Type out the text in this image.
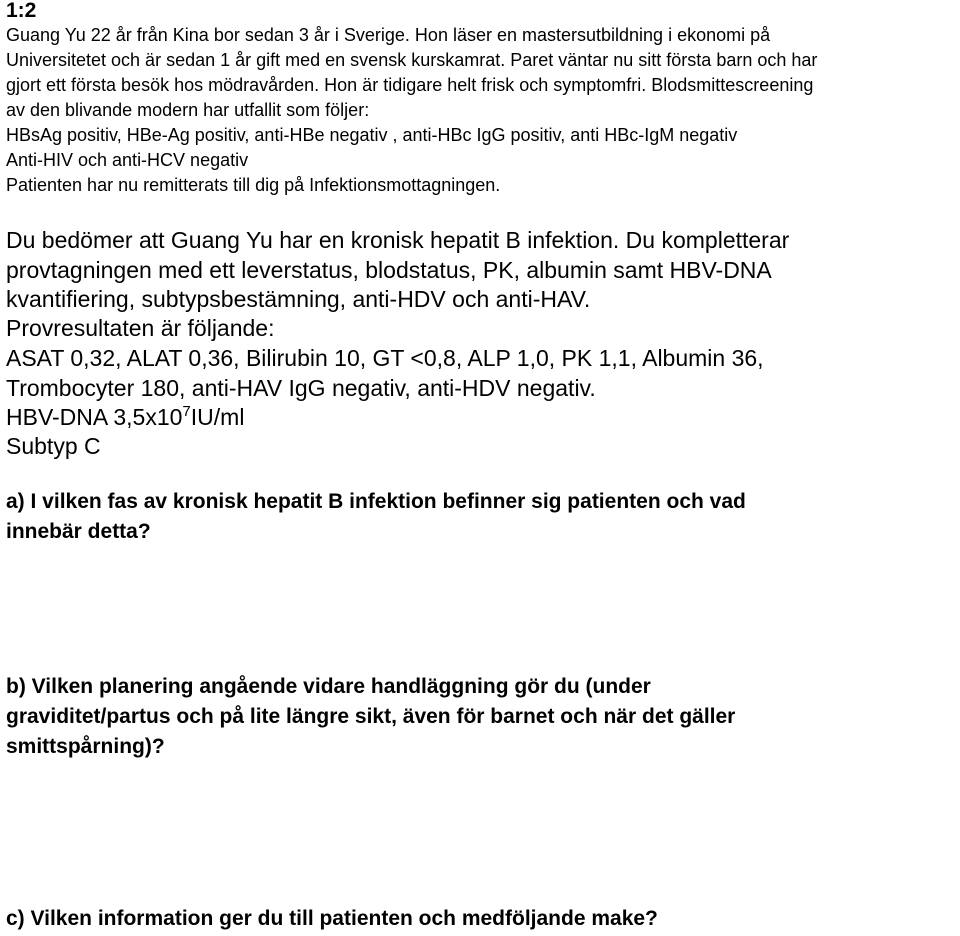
1:2
Guang Yu 22 år från Kina bor sedan 3 år i Sverige. Hon läser en mastersutbildning i ekonomi på
Universitetet och är sedan 1 år gift med en svensk kurskamrat. Paret väntar nu sitt första barn och har
gjort ett första besök hos mödravården. Hon är tidigare helt frisk och symptomfri. Blodsmittescreening
av den blivande modern har utfallit som följer:
HBsAg positiv, HBe-Ag positiv, anti-HBe negativ , anti-HBc IgG positiv, anti HBc-IgM negativ
Anti-HIV och anti-HCV negativ
Patienten har nu remitterats till dig på Infektionsmottagningen.
Du bedömer att Guang Yu har en kronisk hepatit B infektion. Du kompletterar
provtagningen med ett leverstatus, blodstatus, PK, albumin samt HBV-DNA
kvantifiering, subtypsbestämning, anti-HDV och anti-HAV.
Provresultaten är följande:
ASAT 0,32, ALAT 0,36, Bilirubin 10, GT <0,8, ALP 1,0, PK 1,1, Albumin 36,
Trombocyter 180, anti-HAV IgG negativ, anti-HDV negativ.
HBV-DNA $3,5x10^7IU/ml$
Subtyp C
a) I vilken fas av kronisk hepatit B infektion befinner sig patienten och vad
innebär detta?
b) Vilken planering angående vidare handläggning gör du (under
graviditet/partus och på lite längre sikt, även för barnet och när det gäller
smittspårning)?
c) Vilken information ger du till patienten och medföljande make?
